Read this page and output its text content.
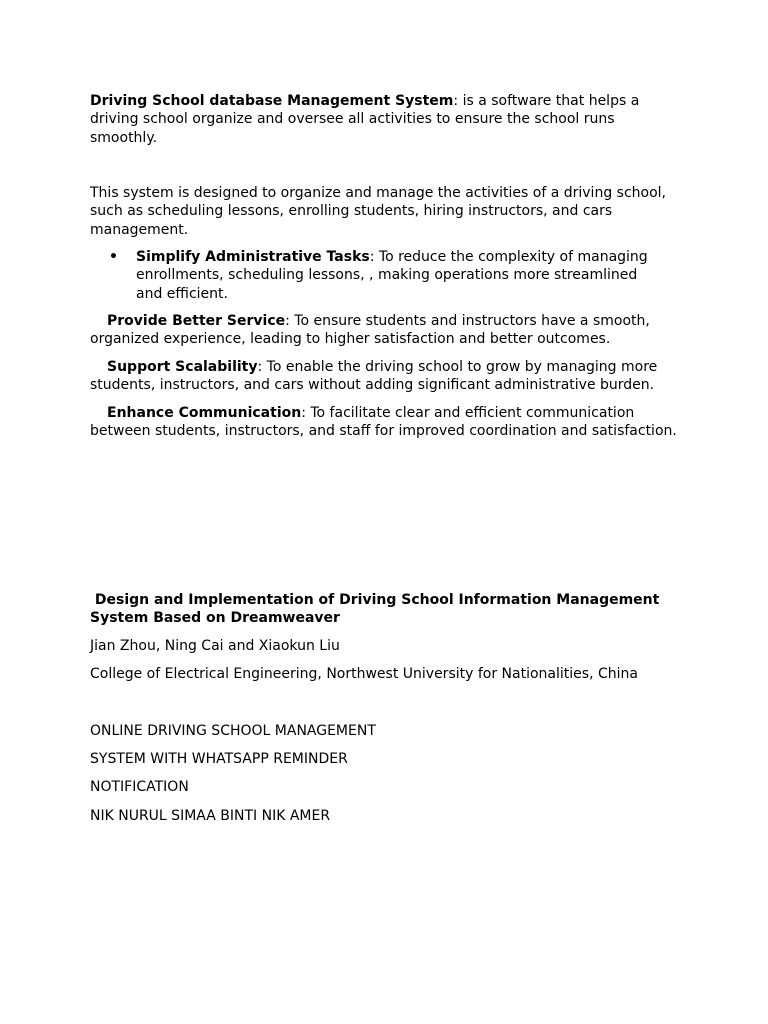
Driving School database Management System: is a software that helps a driving school organize and oversee all activities to ensure the school runs smoothly.
This system is designed to organize and manage the activities of a driving school, such as scheduling lessons, enrolling students, hiring instructors, and cars management.
• Simplify Administrative Tasks: To reduce the complexity of managing enrollments, scheduling lessons, , making operations more streamlined and efficient.
Provide Better Service: To ensure students and instructors have a smooth, organized experience, leading to higher satisfaction and better outcomes.
Support Scalability: To enable the driving school to grow by managing more students, instructors, and cars without adding significant administrative burden.
Enhance Communication: To facilitate clear and efficient communication between students, instructors, and staff for improved coordination and satisfaction.
Design and Implementation of Driving School Information Management System Based on Dreamweaver
Jian Zhou, Ning Cai and Xiaokun Liu
College of Electrical Engineering, Northwest University for Nationalities, China
ONLINE DRIVING SCHOOL MANAGEMENT
SYSTEM WITH WHATSAPP REMINDER
NOTIFICATION
NIK NURUL SIMAA BINTI NIK AMER
